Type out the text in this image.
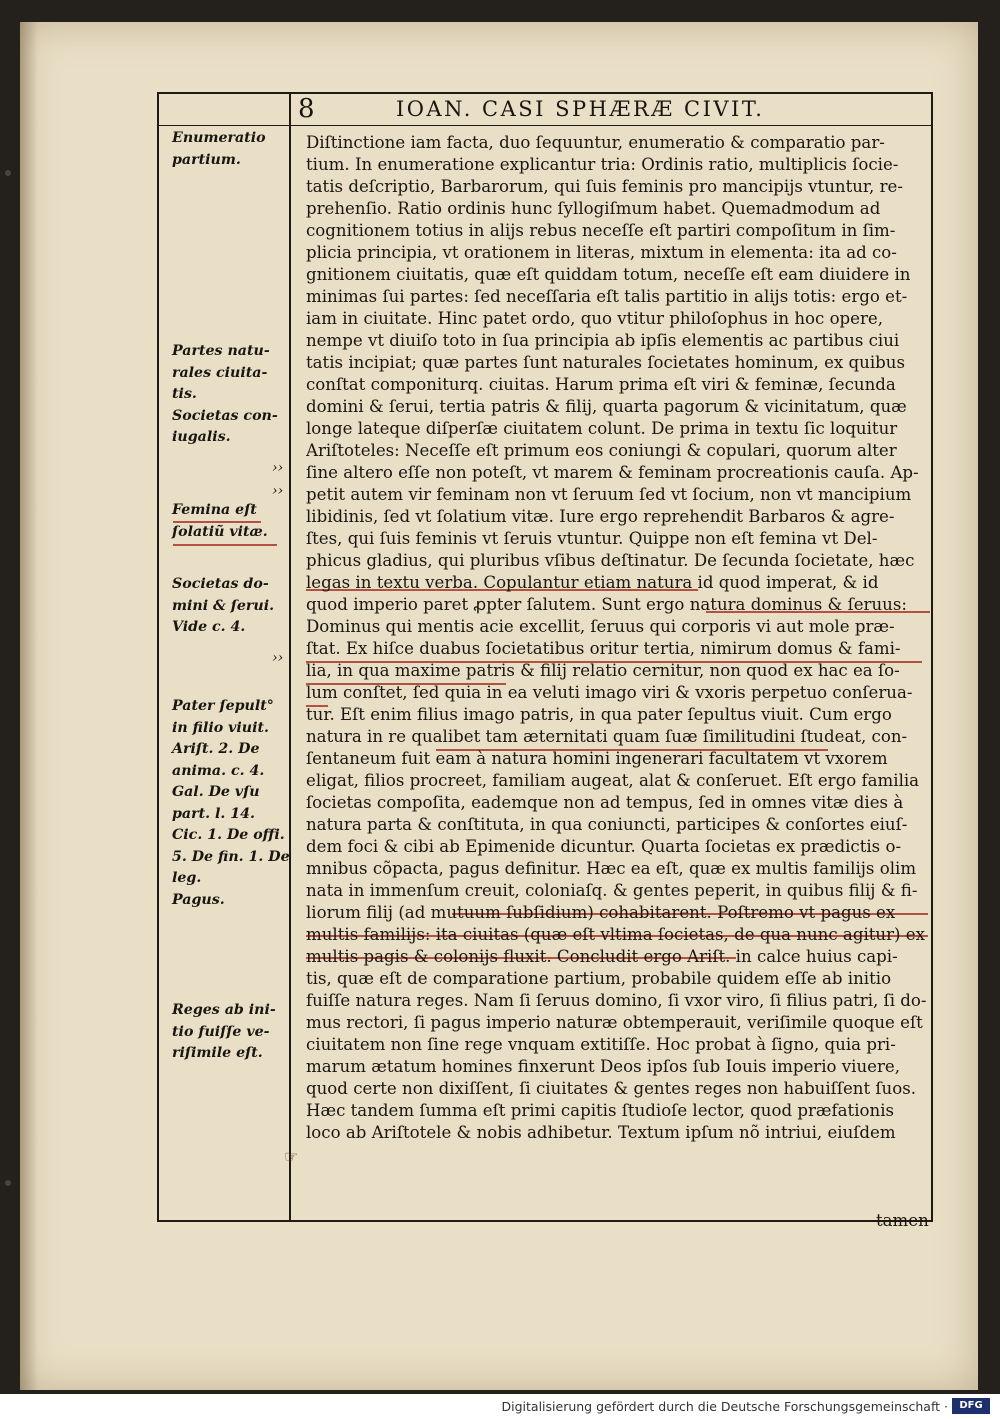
8	IOAN. CASI SPHÆRÆ CIVIT.
Enumeratio
partium.
Partes natu-
rales ciuita-
tis.
Societas con-
iugalis.
››
››
Femina eſt
ſolatiũ vitæ.
Societas do-
mini & ſerui.
Vide c. 4.
››
Pater ſepult°
in filio viuit.
Ariſt. 2. De
anima. c. 4.
Gal. De vſu
part. l. 14.
Cic. 1. De offi.
5. De fin. 1. De
leg.
Pagus.
Reges ab ini-
tio fuiſſe ve-
riſimile eſt.
Diſtinctione iam facta, duo ſequuntur, enumeratio & comparatio par-
tium. In enumeratione explicantur tria: Ordinis ratio, multiplicis ſocie-
tatis deſcriptio, Barbarorum, qui ſuis feminis pro mancipijs vtuntur, re-
prehenſio. Ratio ordinis hunc ſyllogiſmum habet. Quemadmodum ad
cognitionem totius in alijs rebus neceſſe eſt partiri compoſitum in ſim-
plicia principia, vt orationem in literas, mixtum in elementa: ita ad co-
gnitionem ciuitatis, quæ eſt quiddam totum, neceſſe eſt eam diuidere in
minimas ſui partes: ſed neceſſaria eſt talis partitio in alijs totis: ergo et-
iam in ciuitate. Hinc patet ordo, quo vtitur philoſophus in hoc opere,
nempe vt diuiſo toto in ſua principia ab ipſis elementis ac partibus ciui
tatis incipiat; quæ partes ſunt naturales ſocietates hominum, ex quibus
conſtat componiturq. ciuitas. Harum prima eſt viri & feminæ, ſecunda
domini & ſerui, tertia patris & filij, quarta pagorum & vicinitatum, quæ
longe lateque diſperſæ ciuitatem colunt. De prima in textu ſic loquitur
Ariſtoteles: Neceſſe eſt primum eos coniungi & copulari, quorum alter
ſine altero eſſe non poteſt, vt marem & feminam procreationis cauſa. Ap-
petit autem vir feminam non vt ſeruum ſed vt ſocium, non vt mancipium
libidinis, ſed vt ſolatium vitæ. Iure ergo reprehendit Barbaros & agre-
ſtes, qui ſuis feminis vt ſeruis vtuntur. Quippe non eſt femina vt Del-
phicus gladius, qui pluribus vſibus deſtinatur. De ſecunda ſocietate, hæc
legas in textu verba. Copulantur etiam natura id quod imperat, & id
quod imperio paret ꝓpter ſalutem. Sunt ergo natura dominus & ſeruus:
Dominus qui mentis acie excellit, ſeruus qui corporis vi aut mole præ-
ſtat. Ex hiſce duabus ſocietatibus oritur tertia, nimirum domus & fami-
lia, in qua maxime patris & filij relatio cernitur, non quod ex hac ea ſo-
lum conſtet, ſed quia in ea veluti imago viri & vxoris perpetuo conſerua-
tur. Eſt enim filius imago patris, in qua pater ſepultus viuit. Cum ergo
natura in re qualibet tam æternitati quam ſuæ ſimilitudini ſtudeat, con-
ſentaneum fuit eam à natura homini ingenerari facultatem vt vxorem
eligat, filios procreet, familiam augeat, alat & conſeruet. Eſt ergo familia
ſocietas compoſita, eademque non ad tempus, ſed in omnes vitæ dies à
natura parta & conſtituta, in qua coniuncti, participes & conſortes eiuſ-
dem foci & cibi ab Epimenide dicuntur. Quarta ſocietas ex prædictis o-
mnibus cõpacta, pagus definitur. Hæc ea eſt, quæ ex multis familijs olim
nata in immenſum creuit, coloniaſq. & gentes peperit, in quibus filij & fi-
liorum filij (ad mutuum ſubſidium) cohabitarent. Poſtremo vt pagus ex
multis familijs: ita ciuitas (quæ eſt vltima ſocietas, de qua nunc agitur) ex
multis pagis & colonijs fluxit. Concludit ergo Ariſt. in calce huius capi-
tis, quæ eſt de comparatione partium, probabile quidem eſſe ab initio
fuiſſe natura reges. Nam ſi ſeruus domino, ſi vxor viro, ſi filius patri, ſi do-
mus rectori, ſi pagus imperio naturæ obtemperauit, veriſimile quoque eſt
ciuitatem non ſine rege vnquam extitiſſe. Hoc probat à ſigno, quia pri-
marum ætatum homines finxerunt Deos ipſos ſub Iouis imperio viuere,
quod certe non dixiſſent, ſi ciuitates & gentes reges non habuiſſent ſuos.
Hæc tandem ſumma eſt primi capitis ſtudioſe lector, quod præfationis
loco ab Ariſtotele & nobis adhibetur. Textum ipſum nõ intriui, eiuſdem
☞
tamen
Digitalisierung gefördert durch die Deutsche Forschungsgemeinschaft ·	DFG
